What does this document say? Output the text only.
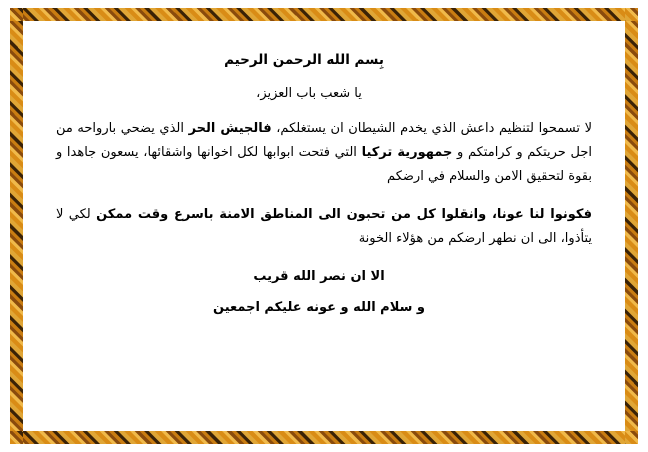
بِسم الله الرحمن الرحيم

يا شعب باب العزيز،

لا تسمحوا لتنظيم داعش الذي يخدم الشيطان ان يستغلكم، فالجيش الحر الذي يضحي بارواحه من اجل حريتكم و كرامتكم و جمهورية تركيا التي فتحت ابوابها لكل اخوانها واشقائها، يسعون جاهدا و بقوة لتحقيق الامن والسلام في ارضكم

فكونوا لنا عونا، وانقلوا كل من تحبون الى المناطق الامنة باسرع وقت ممكن لكي لا يتأذوا، الى ان نطهر ارضكم من هؤلاء الخونة

الا ان نصر الله قريب

و سلام الله و عونه عليكم اجمعين
